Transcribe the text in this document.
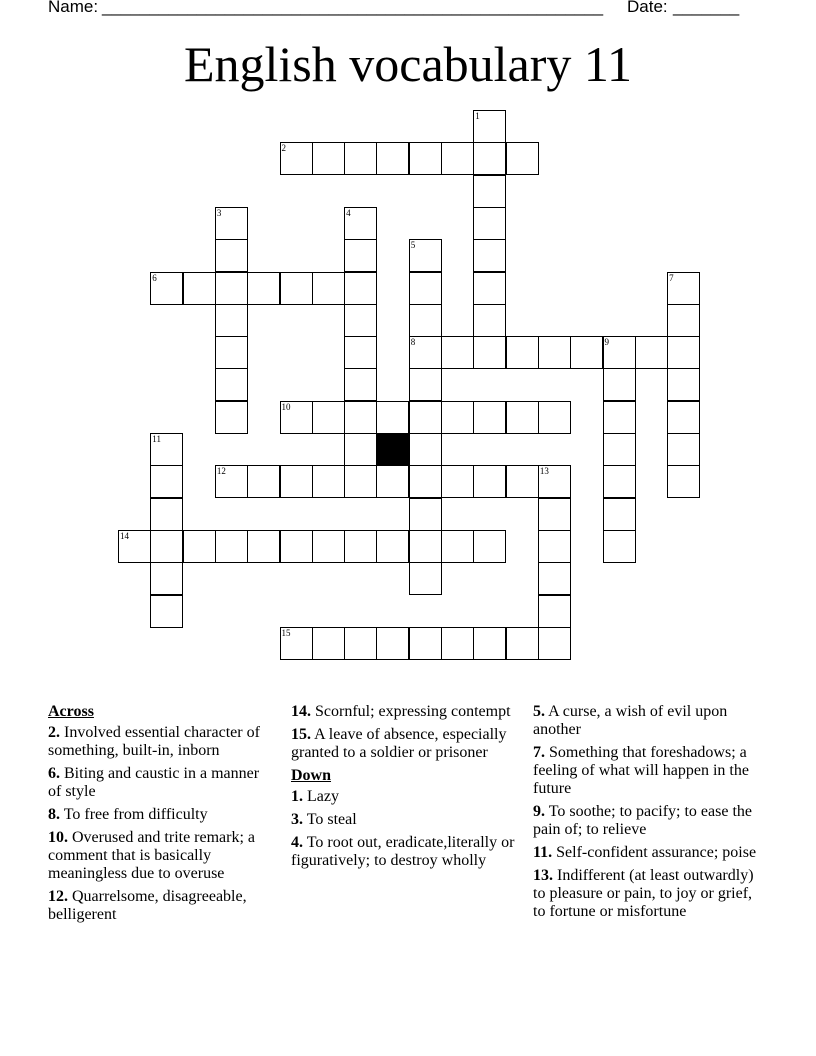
Name: _____________________________________________________ Date: _______
English vocabulary 11
1
2
3	4
5
8
6	7
9
10
11
12	13
14
15
Across
2. Involved essential character of something, built-in, inborn
6. Biting and caustic in a manner of style
8. To free from difficulty
10. Overused and trite remark; a comment that is basically meaningless due to overuse
12. Quarrelsome, disagreeable, belligerent
14. Scornful; expressing contempt
15. A leave of absence, especially granted to a soldier or prisoner
Down
1. Lazy
3. To steal
4. To root out, eradicate,literally or figuratively; to destroy wholly
5. A curse, a wish of evil upon another
7. Something that foreshadows; a feeling of what will happen in the future
9. To soothe; to pacify; to ease the pain of; to relieve
11. Self-confident assurance; poise
13. Indifferent (at least outwardly) to pleasure or pain, to joy or grief, to fortune or misfortune
